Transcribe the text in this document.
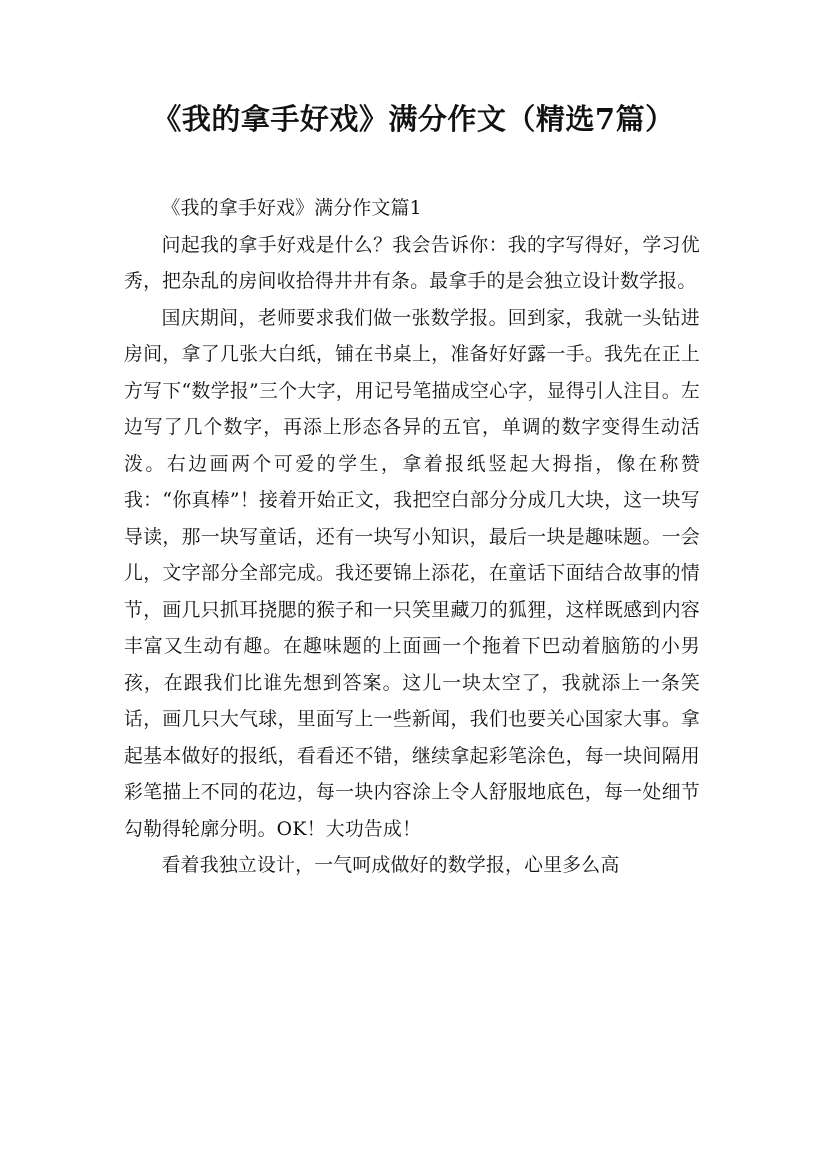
《我的拿手好戏》满分作文（精选7篇）

《我的拿手好戏》满分作文篇1

问起我的拿手好戏是什么？我会告诉你：我的字写得好，学习优秀，把杂乱的房间收拾得井井有条。最拿手的是会独立设计数学报。

国庆期间，老师要求我们做一张数学报。回到家，我就一头钻进房间，拿了几张大白纸，铺在书桌上，准备好好露一手。我先在正上方写下“数学报”三个大字，用记号笔描成空心字，显得引人注目。左边写了几个数字，再添上形态各异的五官，单调的数字变得生动活泼。右边画两个可爱的学生，拿着报纸竖起大拇指，像在称赞我：“你真棒”！接着开始正文，我把空白部分分成几大块，这一块写导读，那一块写童话，还有一块写小知识，最后一块是趣味题。一会儿，文字部分全部完成。我还要锦上添花，在童话下面结合故事的情节，画几只抓耳挠腮的猴子和一只笑里藏刀的狐狸，这样既感到内容丰富又生动有趣。在趣味题的上面画一个拖着下巴动着脑筋的小男孩，在跟我们比谁先想到答案。这儿一块太空了，我就添上一条笑话，画几只大气球，里面写上一些新闻，我们也要关心国家大事。拿起基本做好的报纸，看看还不错，继续拿起彩笔涂色，每一块间隔用彩笔描上不同的花边，每一块内容涂上令人舒服地底色，每一处细节勾勒得轮廓分明。OK！大功告成！

看着我独立设计，一气呵成做好的数学报，心里多么高
